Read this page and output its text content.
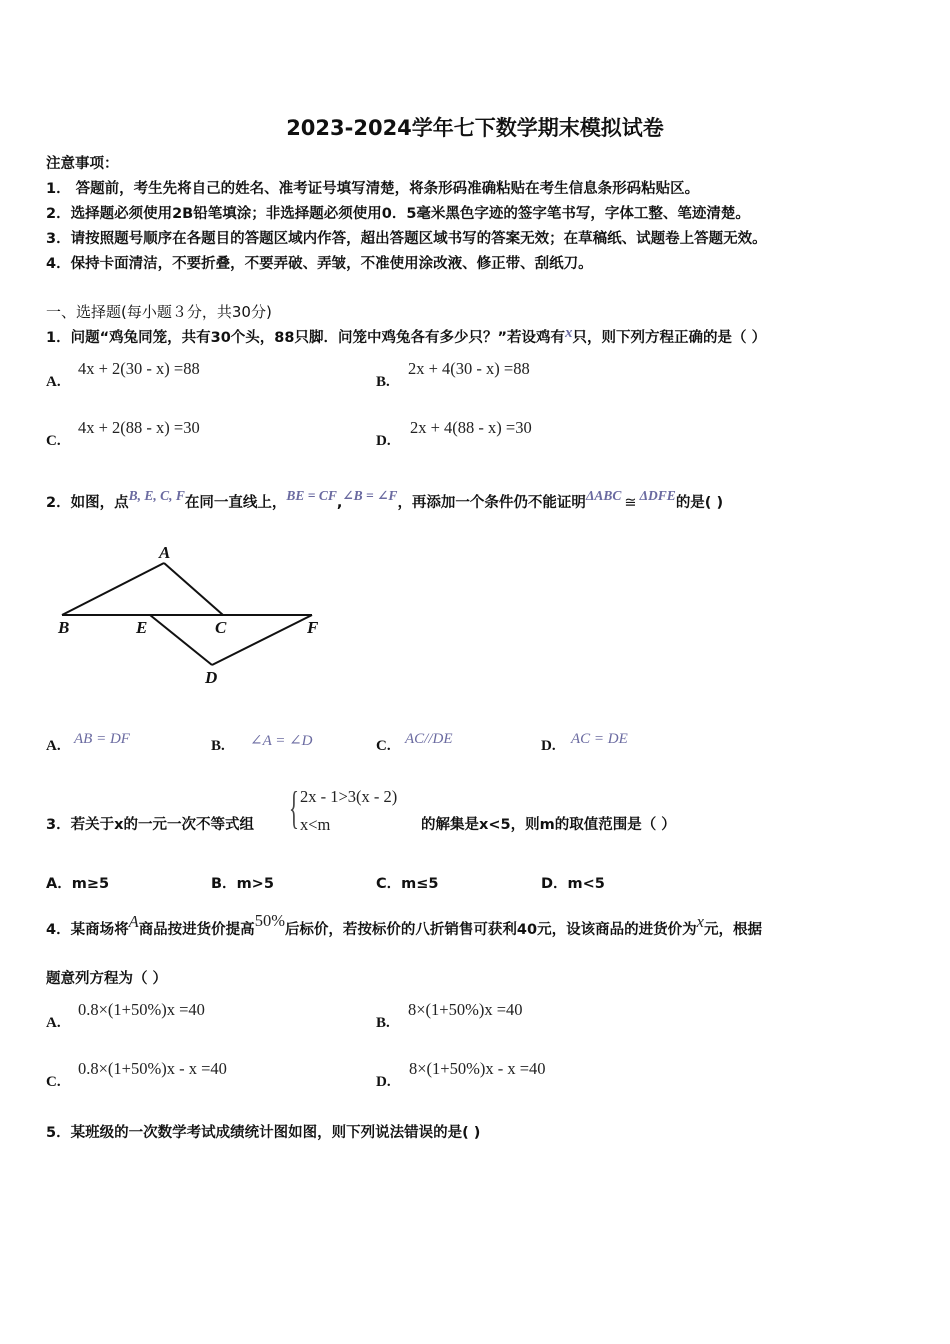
2023-2024学年七下数学期末模拟试卷
注意事项：
1． 答题前，考生先将自己的姓名、准考证号填写清楚，将条形码准确粘贴在考生信息条形码粘贴区。
2．选择题必须使用2B铅笔填涂；非选择题必须使用0．5毫米黑色字迹的签字笔书写，字体工整、笔迹清楚。
3．请按照题号顺序在各题目的答题区域内作答，超出答题区域书写的答案无效；在草稿纸、试题卷上答题无效。
4．保持卡面清洁，不要折叠，不要弄破、弄皱，不准使用涂改液、修正带、刮纸刀。
一、选择题(每小题３分，共30分)
1．问题“鸡兔同笼，共有30个头，88只脚．问笼中鸡兔各有多少只？”若设鸡有x只，则下列方程正确的是（ ）
A.
4x + 2(30 - x) =88
B.
2x + 4(30 - x) =88
C.
4x + 2(88 - x) =30
D.
2x + 4(88 - x) =30
2．如图，点B, E, C, F在同一直线上，BE = CF,∠B = ∠F，再添加一个条件仍不能证明ΔABC ≅ ΔDFE的是( )
A
B	E	C	F
D
A. AB = DF	B. ∠A = ∠D	C. AC//DE	D. AC = DE
3．若关于x的一元一次不等式组 { 2x - 1>3(x - 2)
x<m	的解集是x<5，则m的取值范围是（ ）
A．m≥5	B．m>5	C．m≤5	D．m<5
4．某商场将A商品按进货价提高50%后标价，若按标价的八折销售可获利40元，设该商品的进货价为x元，根据
题意列方程为（ ）
A.
0.8×(1+50%)x =40
B.
8×(1+50%)x =40
C.
0.8×(1+50%)x - x =40
D.
8×(1+50%)x - x =40
5．某班级的一次数学考试成绩统计图如图，则下列说法错误的是( )
